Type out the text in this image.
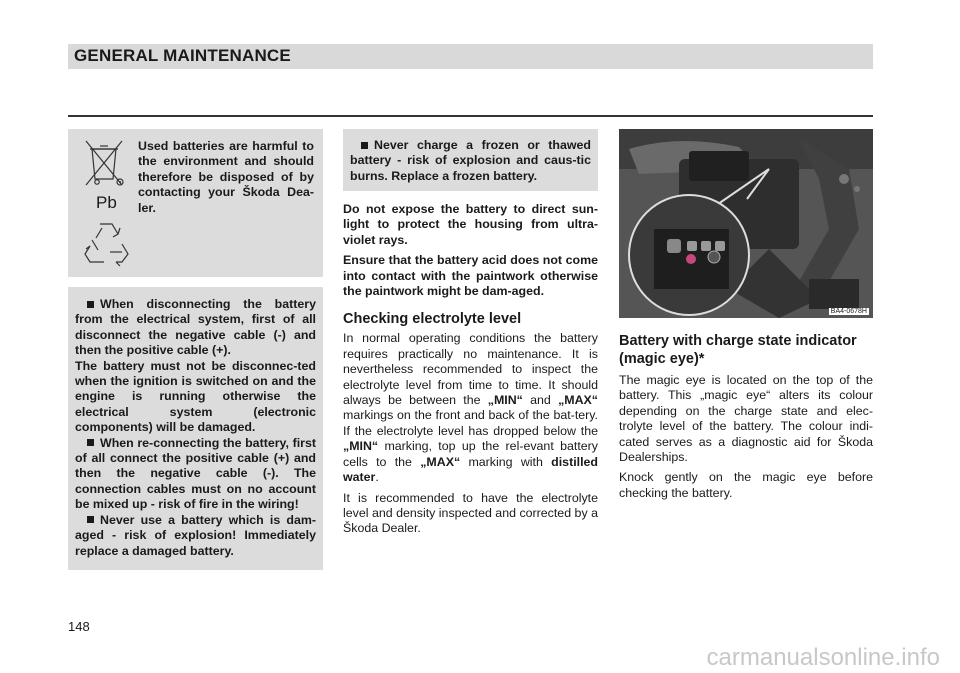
GENERAL MAINTENANCE
Pb
Used batteries are harmful to the environment and should therefore be disposed of by contacting your Škoda Dea-ler.

When disconnecting the battery from the electrical system, first of all disconnect the negative cable (-) and then the positive cable (+).

The battery must not be disconnec-ted when the ignition is switched on and the engine is running otherwise the electrical system (electronic components) will be damaged.

When re-connecting the battery, first of all connect the positive cable (+) and then the negative cable (-). The connection cables must on no account be mixed up - risk of fire in the wiring!

Never use a battery which is dam-aged - risk of explosion! Immediately replace a damaged battery.

Never charge a frozen or thawed battery - risk of explosion and caus-tic burns. Replace a frozen battery.

Do not expose the battery to direct sun-light to protect the housing from ultra-violet rays.

Ensure that the battery acid does not come into contact with the paintwork otherwise the paintwork might be dam-aged.

Checking electrolyte level

In normal operating conditions the battery requires practically no maintenance. It is nevertheless recommended to inspect the electrolyte level from time to time. It should always be between the „MIN“ and „MAX“ markings on the front and back of the bat-tery. If the electrolyte level has dropped below the „MIN“ marking, top up the rel-evant battery cells to the „MAX“ marking with distilled water.

It is recommended to have the electrolyte level and density inspected and corrected by a Škoda Dealer.

BA4-0678H
Battery with charge state indicator (magic eye)*

The magic eye is located on the top of the battery. This „magic eye“ alters its colour depending on the charge state and elec-trolyte level of the battery. The colour indi-cated serves as a diagnostic aid for Škoda Dealerships.

Knock gently on the magic eye before checking the battery.

148
carmanualsonline.info
